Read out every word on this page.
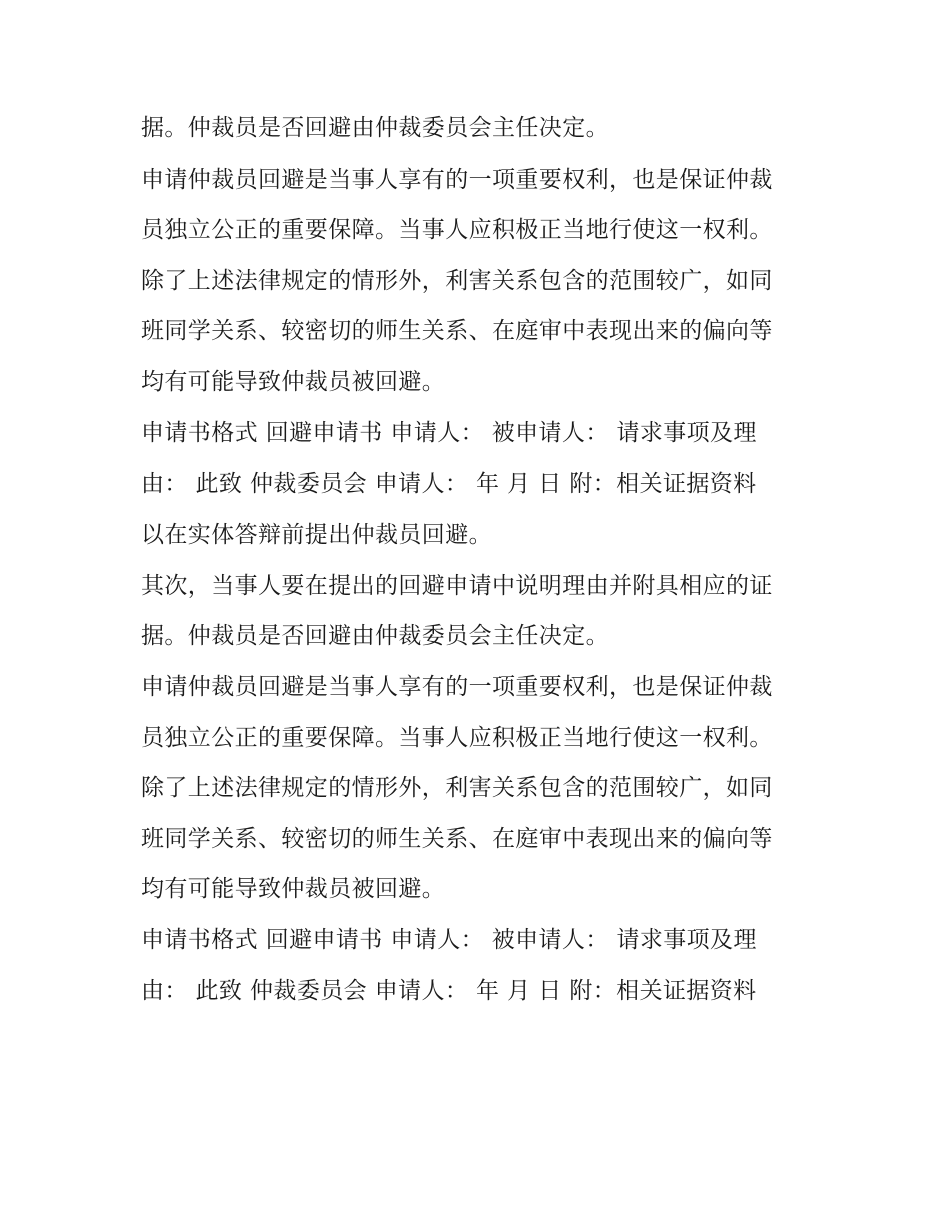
据。仲裁员是否回避由仲裁委员会主任决定。
申请仲裁员回避是当事人享有的一项重要权利，也是保证仲裁
员独立公正的重要保障。当事人应积极正当地行使这一权利。
除了上述法律规定的情形外，利害关系包含的范围较广，如同
班同学关系、较密切的师生关系、在庭审中表现出来的偏向等
均有可能导致仲裁员被回避。
申请书格式 回避申请书 申请人： 被申请人： 请求事项及理
由： 此致 仲裁委员会 申请人： 年 月 日 附：相关证据资料
以在实体答辩前提出仲裁员回避。
其次，当事人要在提出的回避申请中说明理由并附具相应的证
据。仲裁员是否回避由仲裁委员会主任决定。
申请仲裁员回避是当事人享有的一项重要权利，也是保证仲裁
员独立公正的重要保障。当事人应积极正当地行使这一权利。
除了上述法律规定的情形外，利害关系包含的范围较广，如同
班同学关系、较密切的师生关系、在庭审中表现出来的偏向等
均有可能导致仲裁员被回避。
申请书格式 回避申请书 申请人： 被申请人： 请求事项及理
由： 此致 仲裁委员会 申请人： 年 月 日 附：相关证据资料
